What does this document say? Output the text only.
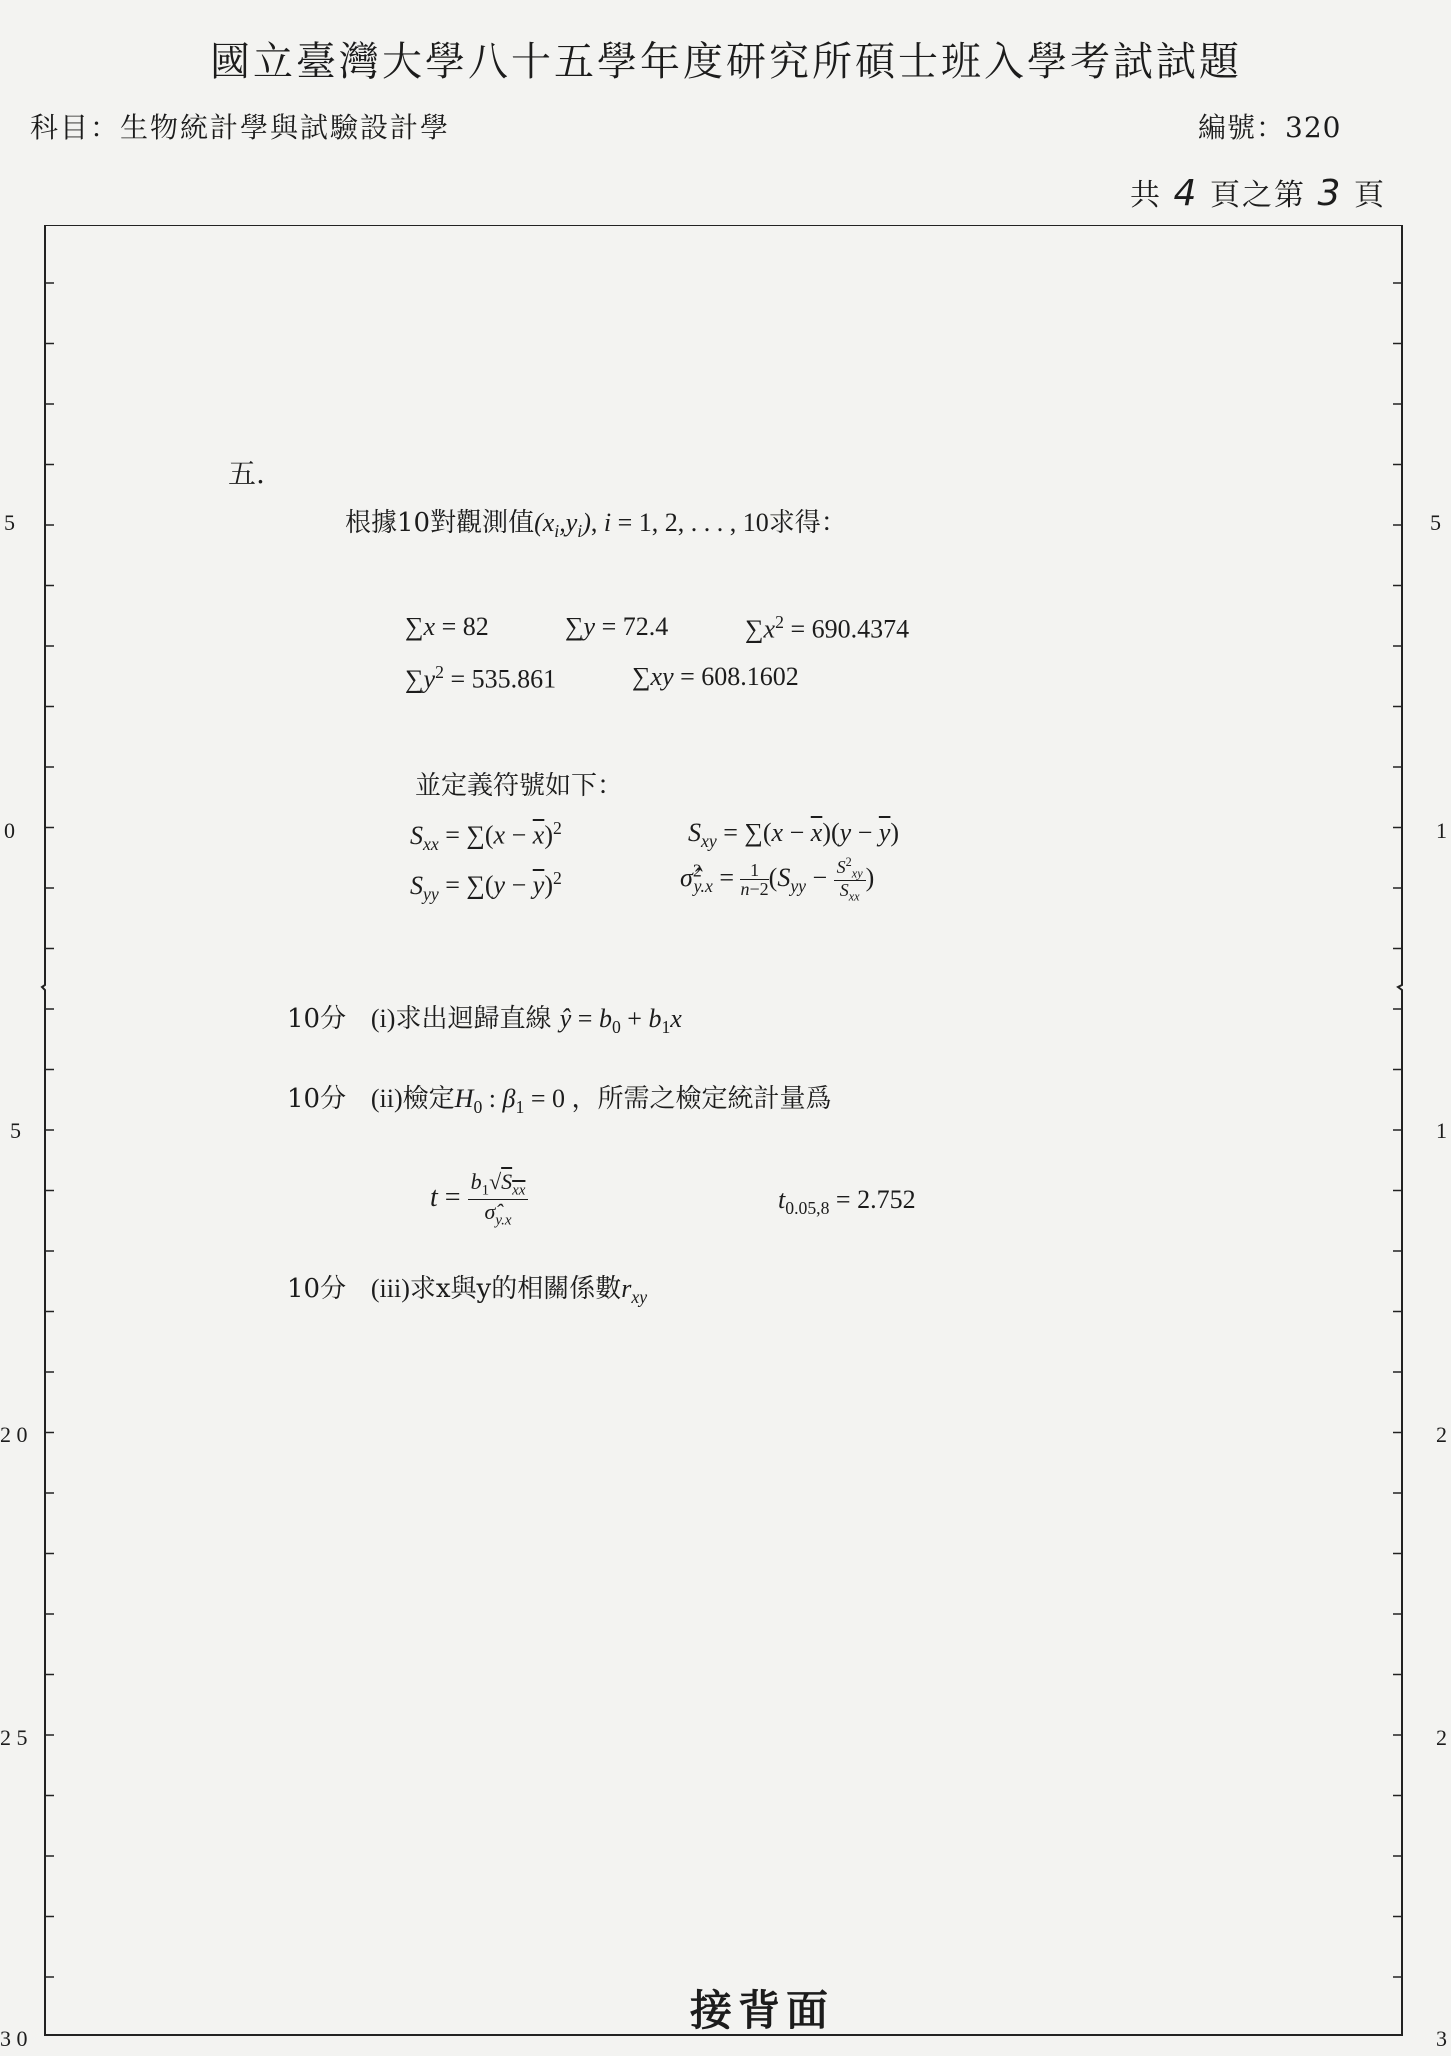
國立臺灣大學八十五學年度研究所碩士班入學考試試題
科目：生物統計學與試驗設計學	編號：320
共 4 頁之第 3 頁
5
0
5
2 0
2 5
3 0
5
1
1
2
2
3
五.
根據10對觀測值$(x_i,y_i)$, i = 1, 2, . . . , 10求得：
∑x = 82	∑y = 72.4	$\sum x^2 = 690.4374$
$\sum y^2 = 535.861$	∑xy = 608.1602
並定義符號如下：
$S_{xx} = \sum(x - \overline{x})^2$	$S_{xy} = \sum(x - \overline{x})(y - \overline{y})$
$S_{yy} = \sum(y - \overline{y})^2$	σ̂$^2_{y.x}$ = $\frac{1}{n-2} (S_{yy} - \frac{S^2_{xy}}{S_{xx}}$ )
10分 (i)求出迴歸直線 ŷ = $b_0 + b_1x$
10分 (ii)檢定$H_0$ : $\beta_1 = 0$ ，所需之檢定統計量爲
$t = \frac{b_1√S_{xx}}{\sigmâ_{y.x}}$	$t_{0.05,8} = 2.752$
10分 (iii)求x與y的相關係數$r_{xy}$
接背面
